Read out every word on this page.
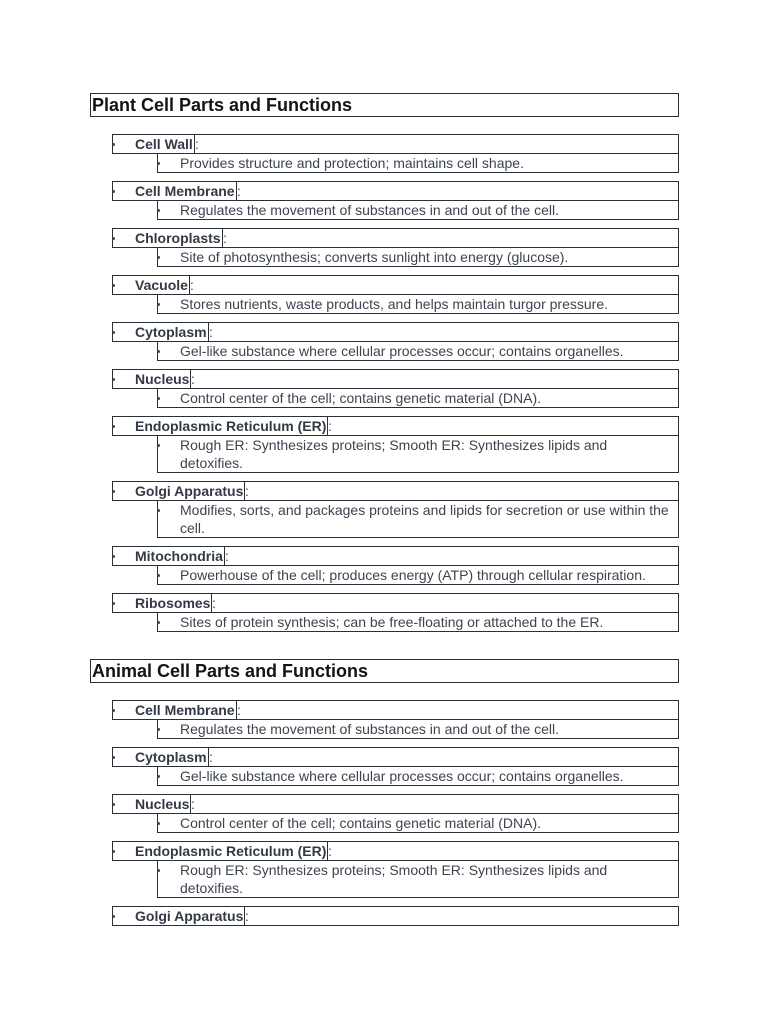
Plant Cell Parts and Functions
Cell Wall :
Provides structure and protection; maintains cell shape.
Cell Membrane :
Regulates the movement of substances in and out of the cell.
Chloroplasts :
Site of photosynthesis; converts sunlight into energy (glucose).
Vacuole :
Stores nutrients, waste products, and helps maintain turgor pressure.
Cytoplasm :
Gel-like substance where cellular processes occur; contains organelles.
Nucleus :
Control center of the cell; contains genetic material (DNA).
Endoplasmic Reticulum (ER) :
Rough ER: Synthesizes proteins; Smooth ER: Synthesizes lipids and detoxifies.
Golgi Apparatus :
Modifies, sorts, and packages proteins and lipids for secretion or use within the cell.
Mitochondria :
Powerhouse of the cell; produces energy (ATP) through cellular respiration.
Ribosomes :
Sites of protein synthesis; can be free-floating or attached to the ER.
Animal Cell Parts and Functions
Cell Membrane :
Regulates the movement of substances in and out of the cell.
Cytoplasm :
Gel-like substance where cellular processes occur; contains organelles.
Nucleus :
Control center of the cell; contains genetic material (DNA).
Endoplasmic Reticulum (ER) :
Rough ER: Synthesizes proteins; Smooth ER: Synthesizes lipids and detoxifies.
Golgi Apparatus :
